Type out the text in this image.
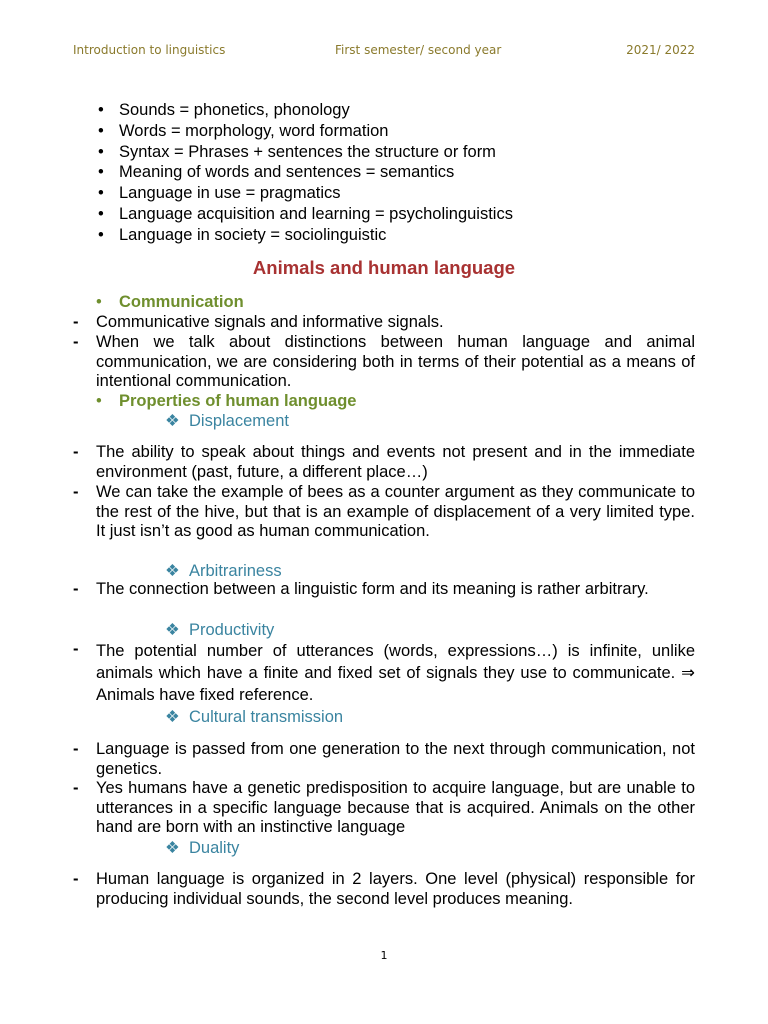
Introduction to linguistics	First semester/ second year	2021/ 2022
• Sounds = phonetics, phonology
• Words = morphology, word formation
• Syntax = Phrases + sentences the structure or form
• Meaning of words and sentences = semantics
• Language in use = pragmatics
• Language acquisition and learning = psycholinguistics
• Language in society = sociolinguistic
Animals and human language
• Communication
- Communicative signals and informative signals.
- When we talk about distinctions between human language and animal communication, we are considering both in terms of their potential as a means of intentional communication.
• Properties of human language
❖ Displacement
- The ability to speak about things and events not present and in the immediate environment (past, future, a different place…)
- We can take the example of bees as a counter argument as they communicate to the rest of the hive, but that is an example of displacement of a very limited type. It just isn’t as good as human communication.
❖ Arbitrariness
- The connection between a linguistic form and its meaning is rather arbitrary.
❖ Productivity
- The potential number of utterances (words, expressions…) is infinite, unlike animals which have a finite and fixed set of signals they use to communicate. ⇒ Animals have fixed reference.
❖ Cultural transmission
- Language is passed from one generation to the next through communication, not genetics.
- Yes humans have a genetic predisposition to acquire language, but are unable to utterances in a specific language because that is acquired. Animals on the other hand are born with an instinctive language
❖ Duality
- Human language is organized in 2 layers. One level (physical) responsible for producing individual sounds, the second level produces meaning.
1
